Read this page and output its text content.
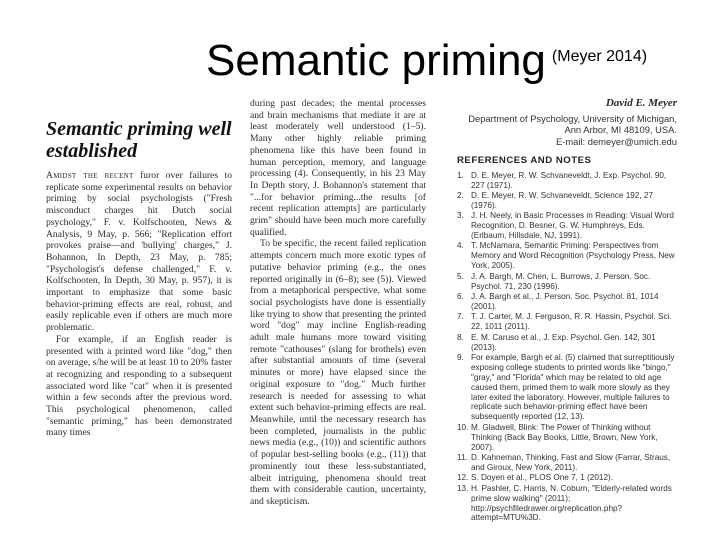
Semantic priming (Meyer 2014)
Semantic priming well established

Amidst the recent furor over failures to replicate some experimental results on behavior priming by social psychologists ("Fresh misconduct charges hit Dutch social psychology," F. v. Kolfschooten, News & Analysis, 9 May, p. 566; "Replication effort provokes praise—and 'bullying' charges," J. Bohannon, In Depth, 23 May, p. 785; "Psychologist's defense challenged," F. v. Kolfschooten, In Depth, 30 May, p. 957), it is important to emphasize that some basic behavior-priming effects are real, robust, and easily replicable even if others are much more problematic.

For example, if an English reader is presented with a printed word like "dog," then on average, s/he will be at least 10 to 20% faster at recognizing and responding to a subsequent associated word like "cat" when it is presented within a few seconds after the previous word. This psychological phenomenon, called "semantic priming," has been demonstrated many times

during past decades; the mental processes and brain mechanisms that mediate it are at least moderately well understood (1–5). Many other highly reliable priming phenomena like this have been found in human perception, memory, and language processing (4). Consequently, in his 23 May In Depth story, J. Bohannon's statement that "...for behavior priming...the results [of recent replication attempts] are particularly grim" should have been much more carefully qualified.

To be specific, the recent failed replication attempts concern much more exotic types of putative behavior priming (e.g., the ones reported originally in (6–8); see (5)). Viewed from a metaphorical perspective, what some social psychologists have done is essentially like trying to show that presenting the printed word "dog" may incline English-reading adult male humans more toward visiting remote "cathouses" (slang for brothels) even after substantial amounts of time (several minutes or more) have elapsed since the original exposure to "dog." Much further research is needed for assessing to what extent such behavior-priming effects are real. Meanwhile, until the necessary research has been completed, journalists in the public news media (e.g., (10)) and scientific authors of popular best-selling books (e.g., (11)) that prominently tout these less-substantiated, albeit intriguing, phenomena should treat them with considerable caution, uncertainty, and skepticism.

David E. Meyer
Department of Psychology, University of Michigan, Ann Arbor, MI 48109, USA.
E-mail: demeyer@umich.edu
REFERENCES AND NOTES
1. D. E. Meyer, R. W. Schvaneveldt, J. Exp. Psychol. 90, 227 (1971).
2. D. E. Meyer, R. W. Schvaneveldt, Science 192, 27 (1976).
3. J. H. Neely, in Basic Processes in Reading: Visual Word Recognition, D. Besner, G. W. Humphreys, Eds. (Erlbaum, Hillsdale, NJ, 1991).
4. T. McNamara, Semantic Priming: Perspectives from Memory and Word Recognition (Psychology Press, New York, 2005).
5. J. A. Bargh, M. Chen, L. Burrows, J. Person. Soc. Psychol. 71, 230 (1996).
6. J. A. Bargh et al., J. Person. Soc. Psychol. 81, 1014 (2001).
7. T. J. Carter, M. J. Ferguson, R. R. Hassin, Psychol. Sci. 22, 1011 (2011).
8. E. M. Caruso et al., J. Exp. Psychol. Gen. 142, 301 (2013).
9. For example, Bargh et al. (5) claimed that surreptitiously exposing college students to printed words like "bingo," "gray," and "Florida" which may be related to old age caused them, primed them to walk more slowly as they later exited the laboratory. However, multiple failures to replicate such behavior-priming effect have been subsequently reported (12, 13).
10. M. Gladwell, Blink: The Power of Thinking without Thinking (Back Bay Books, Little, Brown, New York, 2007).
11. D. Kahneman, Thinking, Fast and Slow (Farrar, Straus, and Giroux, New York, 2011).
12. S. Doyen et al., PLOS One 7, 1 (2012).
13. H. Pashler, C. Harris, N. Coburn, "Elderly-related words prime slow walking" (2011); http://psychfiledrawer.org/replication.php?attempt=MTU%3D.
